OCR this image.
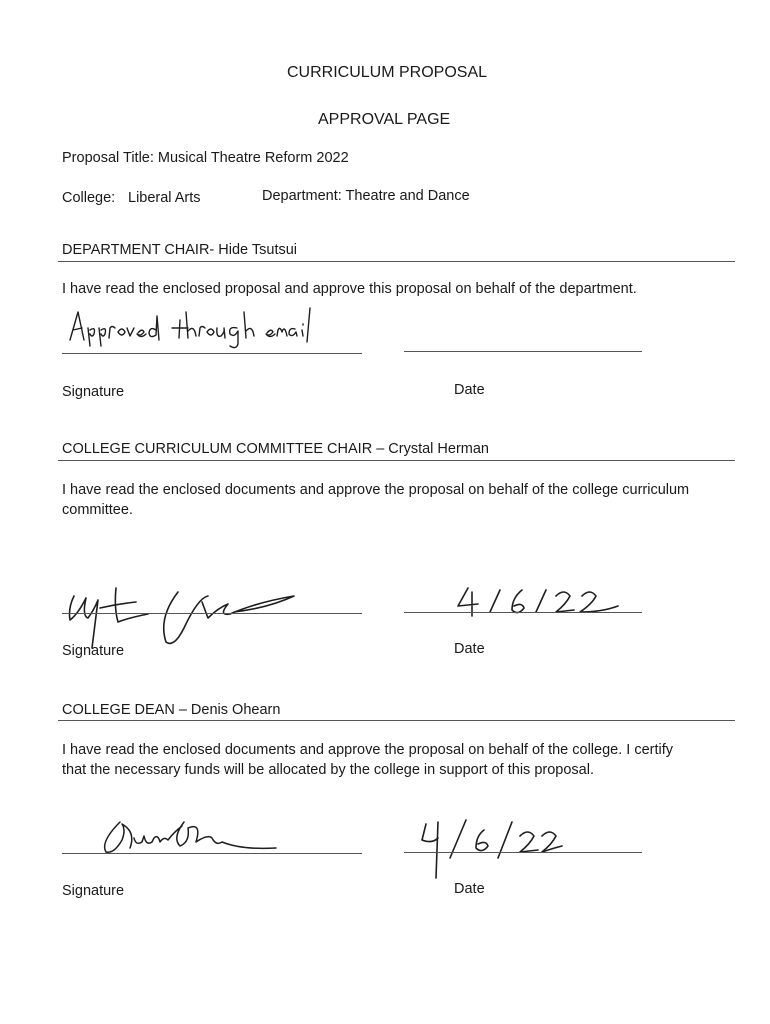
CURRICULUM PROPOSAL
APPROVAL PAGE
Proposal Title: Musical Theatre Reform 2022
College: Liberal Arts	Department: Theatre and Dance
DEPARTMENT CHAIR- Hide Tsutsui
I have read the enclosed proposal and approve this proposal on behalf of the department.
Signature	Date
COLLEGE CURRICULUM COMMITTEE CHAIR – Crystal Herman
I have read the enclosed documents and approve the proposal on behalf of the college curriculum
committee.
Signature	Date
COLLEGE DEAN – Denis Ohearn
I have read the enclosed documents and approve the proposal on behalf of the college. I certify
that the necessary funds will be allocated by the college in support of this proposal.
Signature	Date
